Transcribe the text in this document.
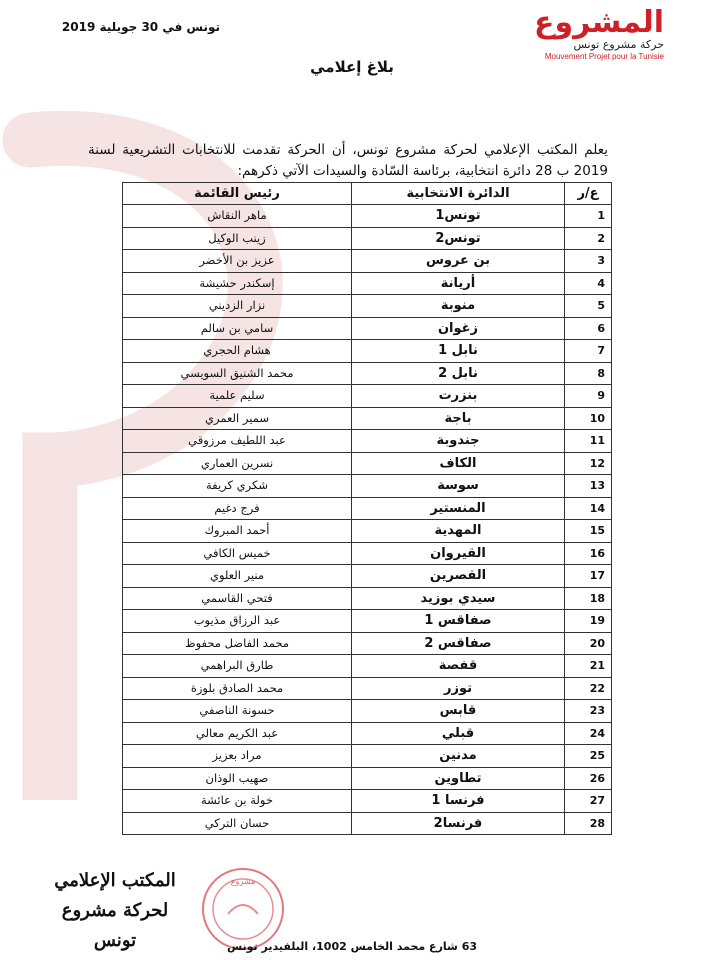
تونس في 30 جويلية 2019	المشروع
حركة مشروع تونس
Mouvement Projet pour la Tunisie
بلاغ إعلامي

يعلم المكتب الإعلامي لحركة مشروع تونس، أن الحركة تقدمت للانتخابات التشريعية لسنة 2019 ب 28 دائرة انتخابية، برئاسة السّادة والسيدات الآتي ذكرهم:

ع/ر	الدائرة الانتخابية	رئيس القائمة
1	تونس1	ماهر النقاش
2	تونس2	زينب الوكيل
3	بن عروس	عزيز بن الأخضر
4	أريانة	إسكندر حشيشة
5	منوبة	نزار الزديني
6	زغوان	سامي بن سالم
7	نابل 1	هشام الحجري
8	نابل 2	محمد الشنيق السويسي
9	بنزرت	سليم علمية
10	باجة	سمير العمري
11	جندوبة	عبد اللطيف مرزوقي
12	الكاف	نسرين العماري
13	سوسة	شكري كريفة
14	المنستير	فرج دغيم
15	المهدية	أحمد المبروك
16	القيروان	خميس الكافي
17	القصرين	منير العلوي
18	سيدي بوزيد	فتحي القاسمي
19	صفاقس 1	عبد الرزاق مذيوب
20	صفاقس 2	محمد الفاضل محفوظ
21	قفصة	طارق البراهمي
22	توزر	محمد الصادق بلوزة
23	قابس	حسونة الناصفي
24	قبلي	عبد الكريم معالي
25	مدنين	مراد بعزيز
26	تطاوين	صهيب الوذان
27	فرنسا 1	خولة بن عائشة
28	فرنسا2	حسان التركي
المكتب الإعلامي
لحركة مشروع تونس
مشروع
63 شارع محمد الخامس 1002، البلفيدير تونس
